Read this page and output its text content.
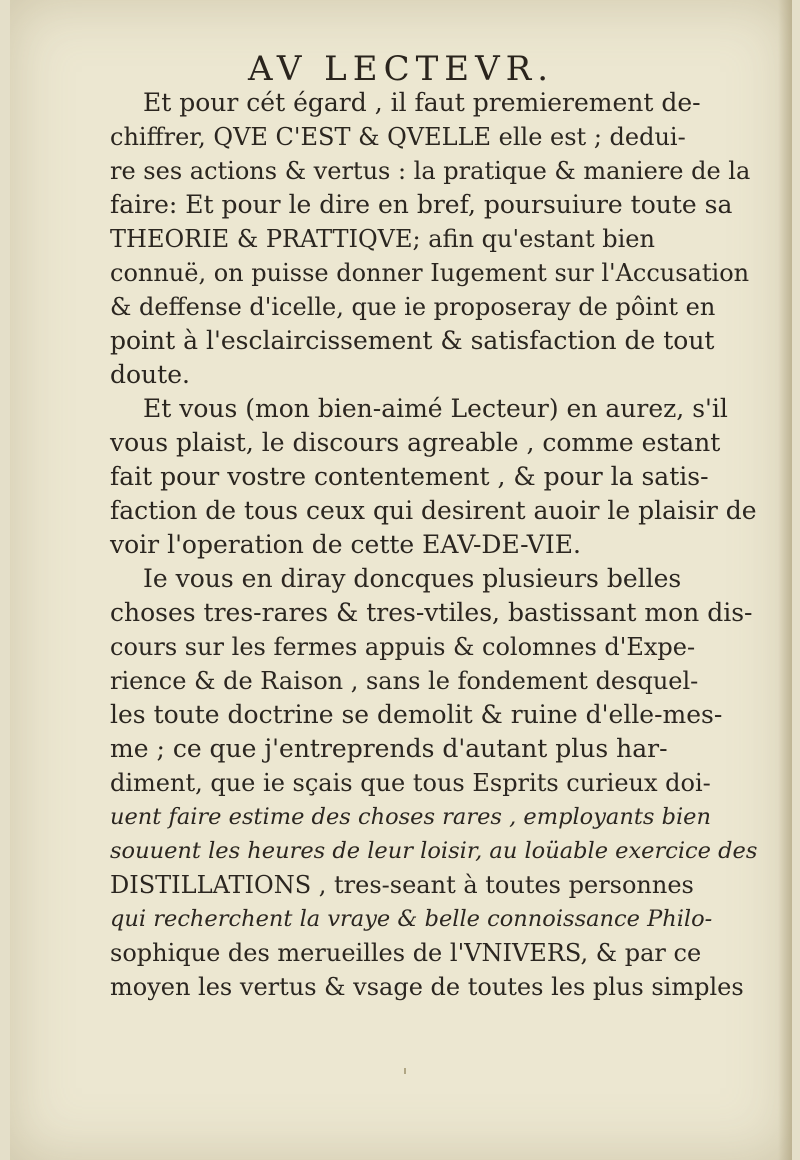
AV LECTEVR.
Et pour cét égard , il faut premierement de-
chiffrer, QVE C'EST & QVELLE elle est ; dedui-
re ses actions & vertus : la pratique & maniere de la
faire: Et pour le dire en bref, poursuiure toute sa
THEORIE & PRATTIQVE; afin qu'estant bien
connuë, on puisse donner Iugement sur l'Accusation
& deffense d'icelle, que ie proposeray de pôint en
point à l'esclaircissement & satisfaction de tout
doute.
Et vous (mon bien-aimé Lecteur) en aurez, s'il
vous plaist, le discours agreable , comme estant
fait pour vostre contentement , & pour la satis-
faction de tous ceux qui desirent auoir le plaisir de
voir l'operation de cette EAV-DE-VIE.
Ie vous en diray doncques plusieurs belles
choses tres-rares & tres-vtiles, bastissant mon dis-
cours sur les fermes appuis & colomnes d'Expe-
rience & de Raison , sans le fondement desquel-
les toute doctrine se demolit & ruine d'elle-mes-
me ; ce que j'entreprends d'autant plus har-
diment, que ie sçais que tous Esprits curieux doi-
uent faire estime des choses rares , employants bien
souuent les heures de leur loisir, au loüable exercice des
DISTILLATIONS , tres-seant à toutes personnes
qui recherchent la vraye & belle connoissance Philo-
sophique des merueilles de l'VNIVERS, & par ce
moyen les vertus & vsage de toutes les plus simples
